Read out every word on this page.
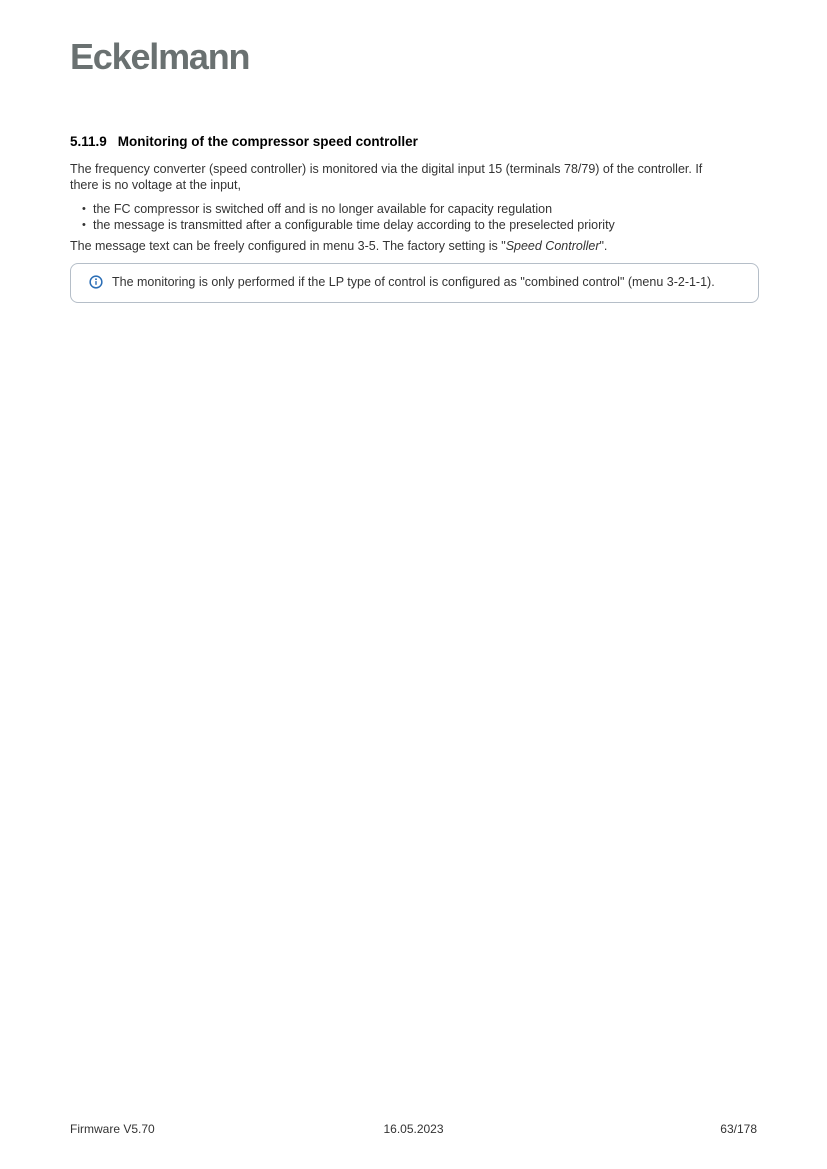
Eckelmann
5.11.9 Monitoring of the compressor speed controller

The frequency converter (speed controller) is monitored via the digital input 15 (terminals 78/79) of the controller. If there is no voltage at the input,

• the FC compressor is switched off and is no longer available for capacity regulation
• the message is transmitted after a configurable time delay according to the preselected priority

The message text can be freely configured in menu 3-5. The factory setting is "Speed Controller".

The monitoring is only performed if the LP type of control is configured as "combined control" (menu 3-2-1-1).
Firmware V5.70	16.05.2023	63/178
